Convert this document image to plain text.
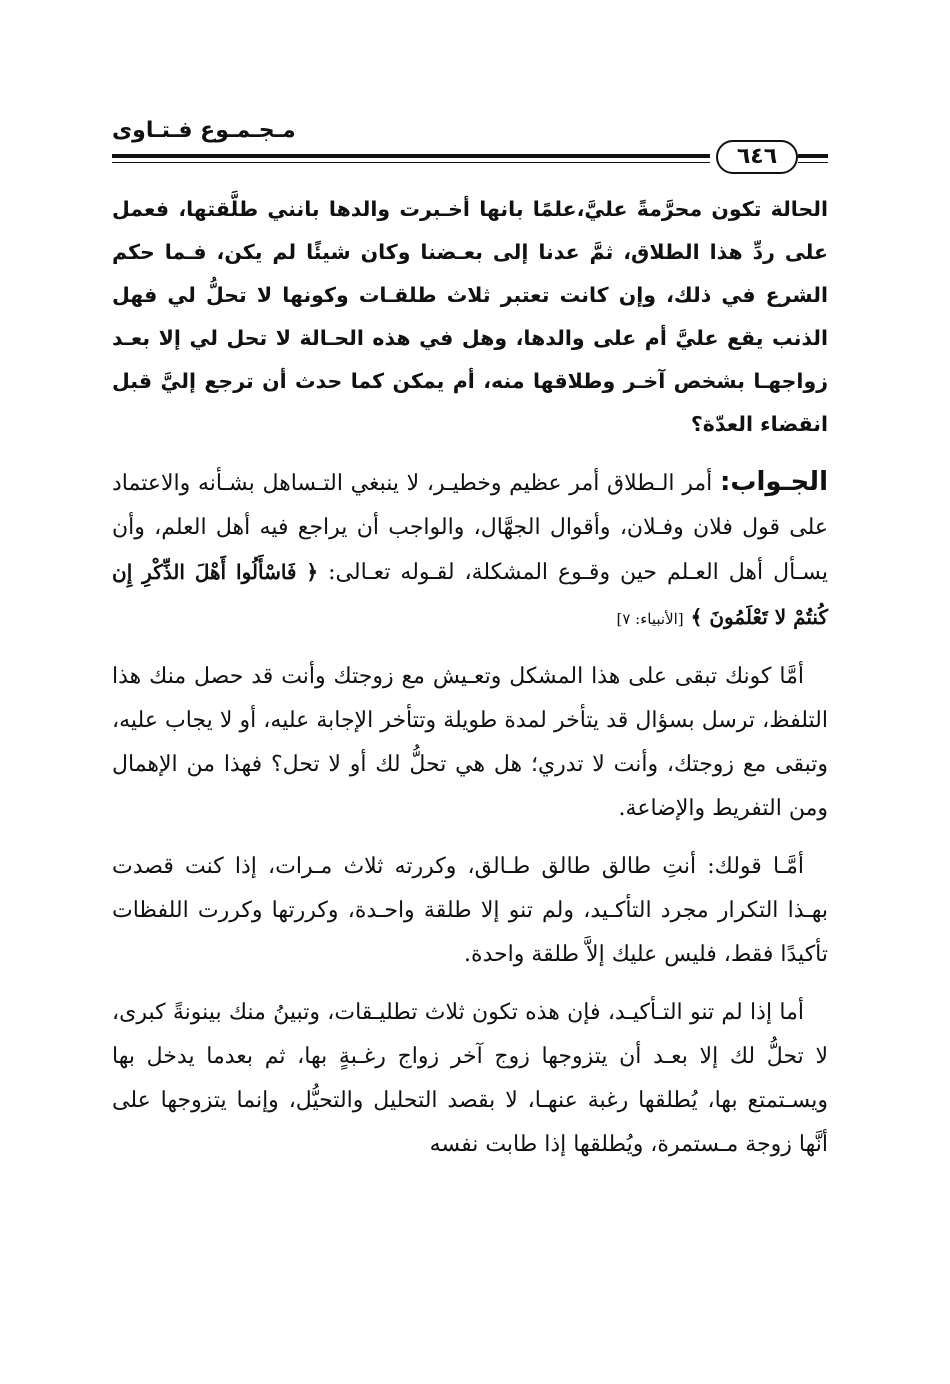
مـجـمـوع فـتـاوى
٦٤٦

الحالة تكون محرَّمةً عليَّ،علمًا بانها أخـبرت والدها بانني طلَّقتها، فعمل على ردِّ هذا الطلاق، ثمَّ عدنا إلى بعـضنا وكان شيئًا لم يكن، فـما حكم الشرع في ذلك، وإن كانت تعتبر ثلاث طلقـات وكونها لا تحلُّ لي فهل الذنب يقع عليَّ أم على والدها، وهل في هذه الحـالة لا تحل لي إلا بعـد زواجهـا بشخص آخـر وطلاقها منه، أم يمكن كما حدث أن ترجع إليَّ قبل انقضاء العدّة؟

الجـواب: أمر الـطلاق أمر عظيم وخطيـر، لا ينبغي التـساهل بشـأنه والاعتماد على قول فلان وفـلان، وأقوال الجهَّال، والواجب أن يراجع فيه أهل العلم، وأن يسـأل أهل العـلم حين وقـوع المشكلة، لقـوله تعـالى: ﴿ فَاسْأَلُوا أَهْلَ الذِّكْرِ إِن كُنتُمْ لا تَعْلَمُونَ ﴾ [الأنبياء: ٧]

أمَّا كونك تبقى على هذا المشكل وتعـيش مع زوجتك وأنت قد حصل منك هذا التلفظ، ترسل بسؤال قد يتأخر لمدة طويلة وتتأخر الإجابة عليه، أو لا يجاب عليه، وتبقى مع زوجتك، وأنت لا تدري؛ هل هي تحلُّ لك أو لا تحل؟ فهذا من الإهمال ومن التفريط والإضاعة.

أمَّـا قولك: أنتِ طالق طالق طـالق، وكررته ثلاث مـرات، إذا كنت قصدت بهـذا التكرار مجرد التأكـيد، ولم تنو إلا طلقة واحـدة، وكررتها وكررت اللفظات تأكيدًا فقط، فليس عليك إلاَّ طلقة واحدة.

أما إذا لم تنو التـأكيـد، فإن هذه تكون ثلاث تطليـقات، وتبينُ منك بينونةً كبرى، لا تحلُّ لك إلا بعـد أن يتزوجها زوج آخر زواج رغـبةٍ بها، ثم بعدما يدخل بها ويسـتمتع بها، يُطلقها رغبة عنهـا، لا بقصد التحليل والتحيُّل، وإنما يتزوجها على أنَّها زوجة مـستمرة، ويُطلقها إذا طابت نفسه
